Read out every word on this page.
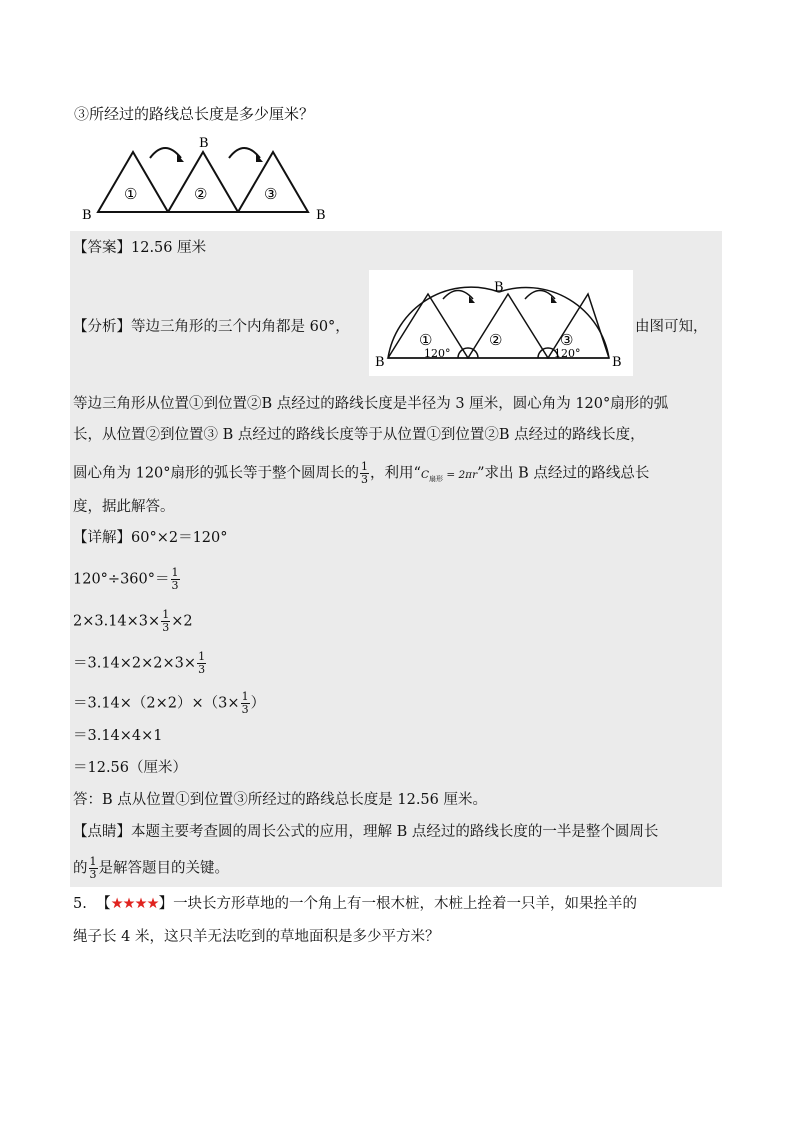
③所经过的路线总长度是多少厘米？
B
B
B
①	②	③
【答案】12.56 厘米
【分析】等边三角形的三个内角都是 60°，
B
B
B
①	②	③
120°	120°
由图可知，
等边三角形从位置①到位置②B 点经过的路线长度是半径为 3 厘米，圆心角为 120°扇形的弧
长，从位置②到位置③ B 点经过的路线长度等于从位置①到位置②B 点经过的路线长度，
圆心角为 120°扇形的弧长等于整个圆周长的 $\frac{1}{3}$ ，利用“$C_{扇形} = 2\pi r$”求出 B 点经过的路线总长
度，据此解答。
【详解】60°×2＝120°
$120^\circ\div 360^\circ= \frac{1}{3}$
$2\times 3.14\times 3\times \frac{1}{3} \times 2$
$=3.14\times 2\times 2\times 3\times \frac{1}{3}$
$=3.14\times(2\times 2)\times(3\times \frac{1}{3}$ ）
＝3.14×4×1
＝12.56（厘米）
答：B 点从位置①到位置③所经过的路线总长度是 12.56 厘米。
【点睛】本题主要考查圆的周长公式的应用，理解 B 点经过的路线长度的一半是整个圆周长
的 $\frac{1}{3}$ 是解答题目的关键。
5. 【★★★★】一块长方形草地的一个角上有一根木桩，木桩上拴着一只羊，如果拴羊的
绳子长 4 米，这只羊无法吃到的草地面积是多少平方米？
